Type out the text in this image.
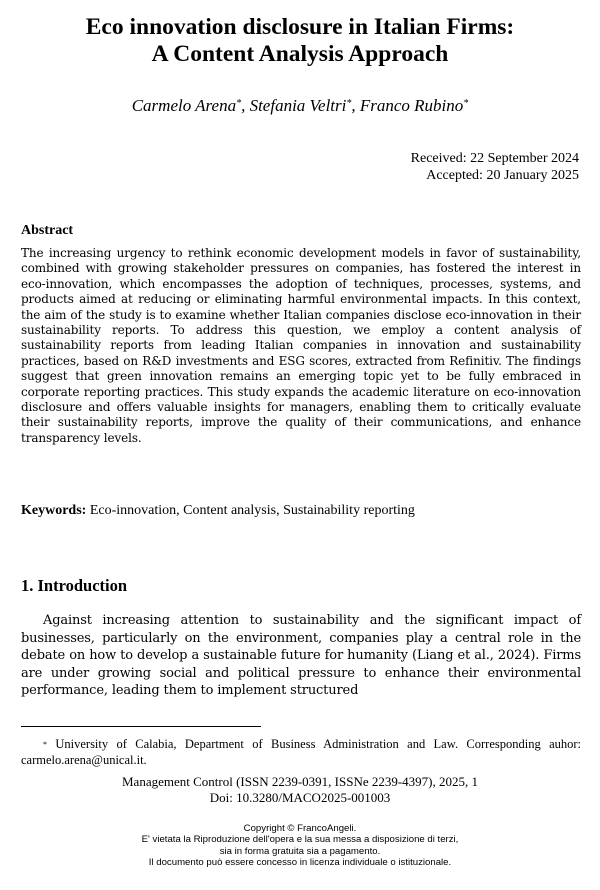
Eco innovation disclosure in Italian Firms:
A Content Analysis Approach
Carmelo Arena*, Stefania Veltri*, Franco Rubino*
Received: 22 September 2024
Accepted: 20 January 2025
Abstract
The increasing urgency to rethink economic development models in favor of sustainability, combined with growing stakeholder pressures on companies, has fostered the interest in eco-innovation, which encompasses the adoption of techniques, processes, systems, and products aimed at reducing or eliminating harmful environmental impacts. In this context, the aim of the study is to examine whether Italian companies disclose eco-innovation in their sustainability reports. To address this question, we employ a content analysis of sustainability reports from leading Italian companies in innovation and sustainability practices, based on R&D investments and ESG scores, extracted from Refinitiv. The findings suggest that green innovation remains an emerging topic yet to be fully embraced in corporate reporting practices. This study expands the academic literature on eco-innovation disclosure and offers valuable insights for managers, enabling them to critically evaluate their sustainability reports, improve the quality of their communications, and enhance transparency levels.
Keywords: Eco-innovation, Content analysis, Sustainability reporting
1. Introduction
Against increasing attention to sustainability and the significant impact of businesses, particularly on the environment, companies play a central role in the debate on how to develop a sustainable future for humanity (Liang et al., 2024). Firms are under growing social and political pressure to enhance their environmental performance, leading them to implement structured
* University of Calabia, Department of Business Administration and Law. Corresponding auhor: carmelo.arena@unical.it.
Management Control (ISSN 2239-0391, ISSNe 2239-4397), 2025, 1
Doi: 10.3280/MACO2025-001003
Copyright © FrancoAngeli.
E' vietata la Riproduzione dell'opera e la sua messa a disposizione di terzi,
sia in forma gratuita sia a pagamento.
Il documento può essere concesso in licenza individuale o istituzionale.
